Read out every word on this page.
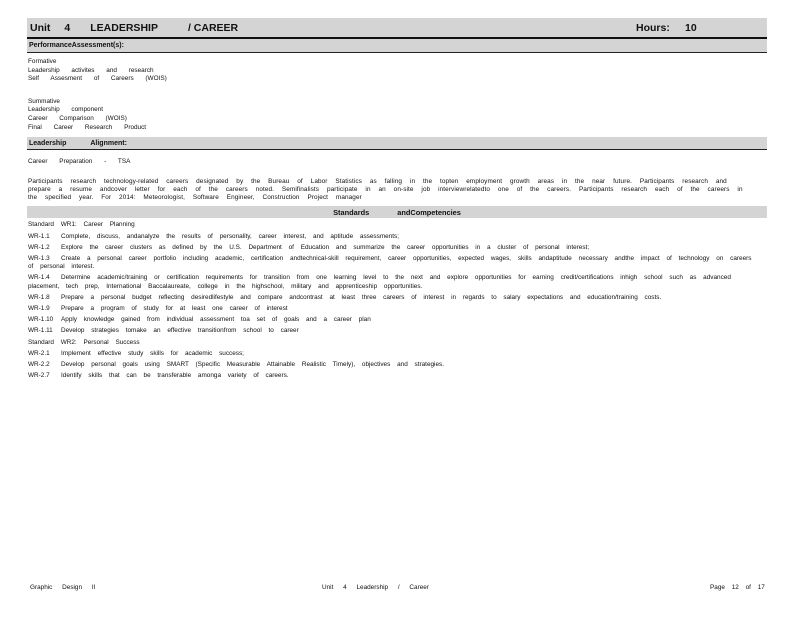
Unit 4 LEADERSHIP	/ CAREER	Hours: 10
PerformanceAssessment(s):
Formative
Leadership activites and research
Self Assesment of Careers (WOIS)
Summative
Leadership component
Career Comparison (WOIS)
Final Career Research Product
Leadership	Alignment:
Career Preparation - TSA
Participants research technology-related careers designated by the Bureau of Labor Statistics as falling in the topten employment growth areas in the near future. Participants research and prepare a resume andcover letter for each of the careers noted. Semifinalists participate in an on-site job interviewrelatedto one of the careers. Participants research each of the careers in the specified year. For 2014: Meteorologist, Software Engineer, Construction Project manager
Standards	andCompetencies
Standard WR1: Career Planning
WR-1.1 Complete, discuss, andanalyze the results of personality, career interest, and aptitude assessments;
WR-1.2 Explore the career clusters as defined by the U.S. Department of Education and summarize the career opportunities in a cluster of personal interest;
WR-1.3 Create a personal career portfolio including academic, certification andtechnical-skill requirement, career opportunities, expected wages, skills andaptitude necessary andthe impact of technology on careers of personal interest.
WR-1.4 Determine academic/training or certification requirements for transition from one learning level to the next and explore opportunities for earning credit/certifications inhigh school such as advanced placement, tech prep, International Baccalaureate, college in the highschool, military and apprenticeship opportunities.
WR-1.8 Prepare a personal budget reflecting desiredlifestyle and compare andcontrast at least three careers of interest in regards to salary expectations and education/training costs.
WR-1.9 Prepare a program of study for at least one career of interest
WR-1.10 Apply knowledge gained from individual assessment toa set of goals and a career plan
WR-1.11 Develop strategies tomake an effective transitionfrom school to career
Standard WR2: Personal Success
WR-2.1 Implement effective study skills for academic success;
WR-2.2 Develop personal goals using SMART (Specific Measurable Attainable Realistic Timely), objectives and strategies.
WR-2.7 Identify skills that can be transferable amonga variety of careers.
Graphic Design II	Unit 4 Leadership / Career	Page 12 of 17
